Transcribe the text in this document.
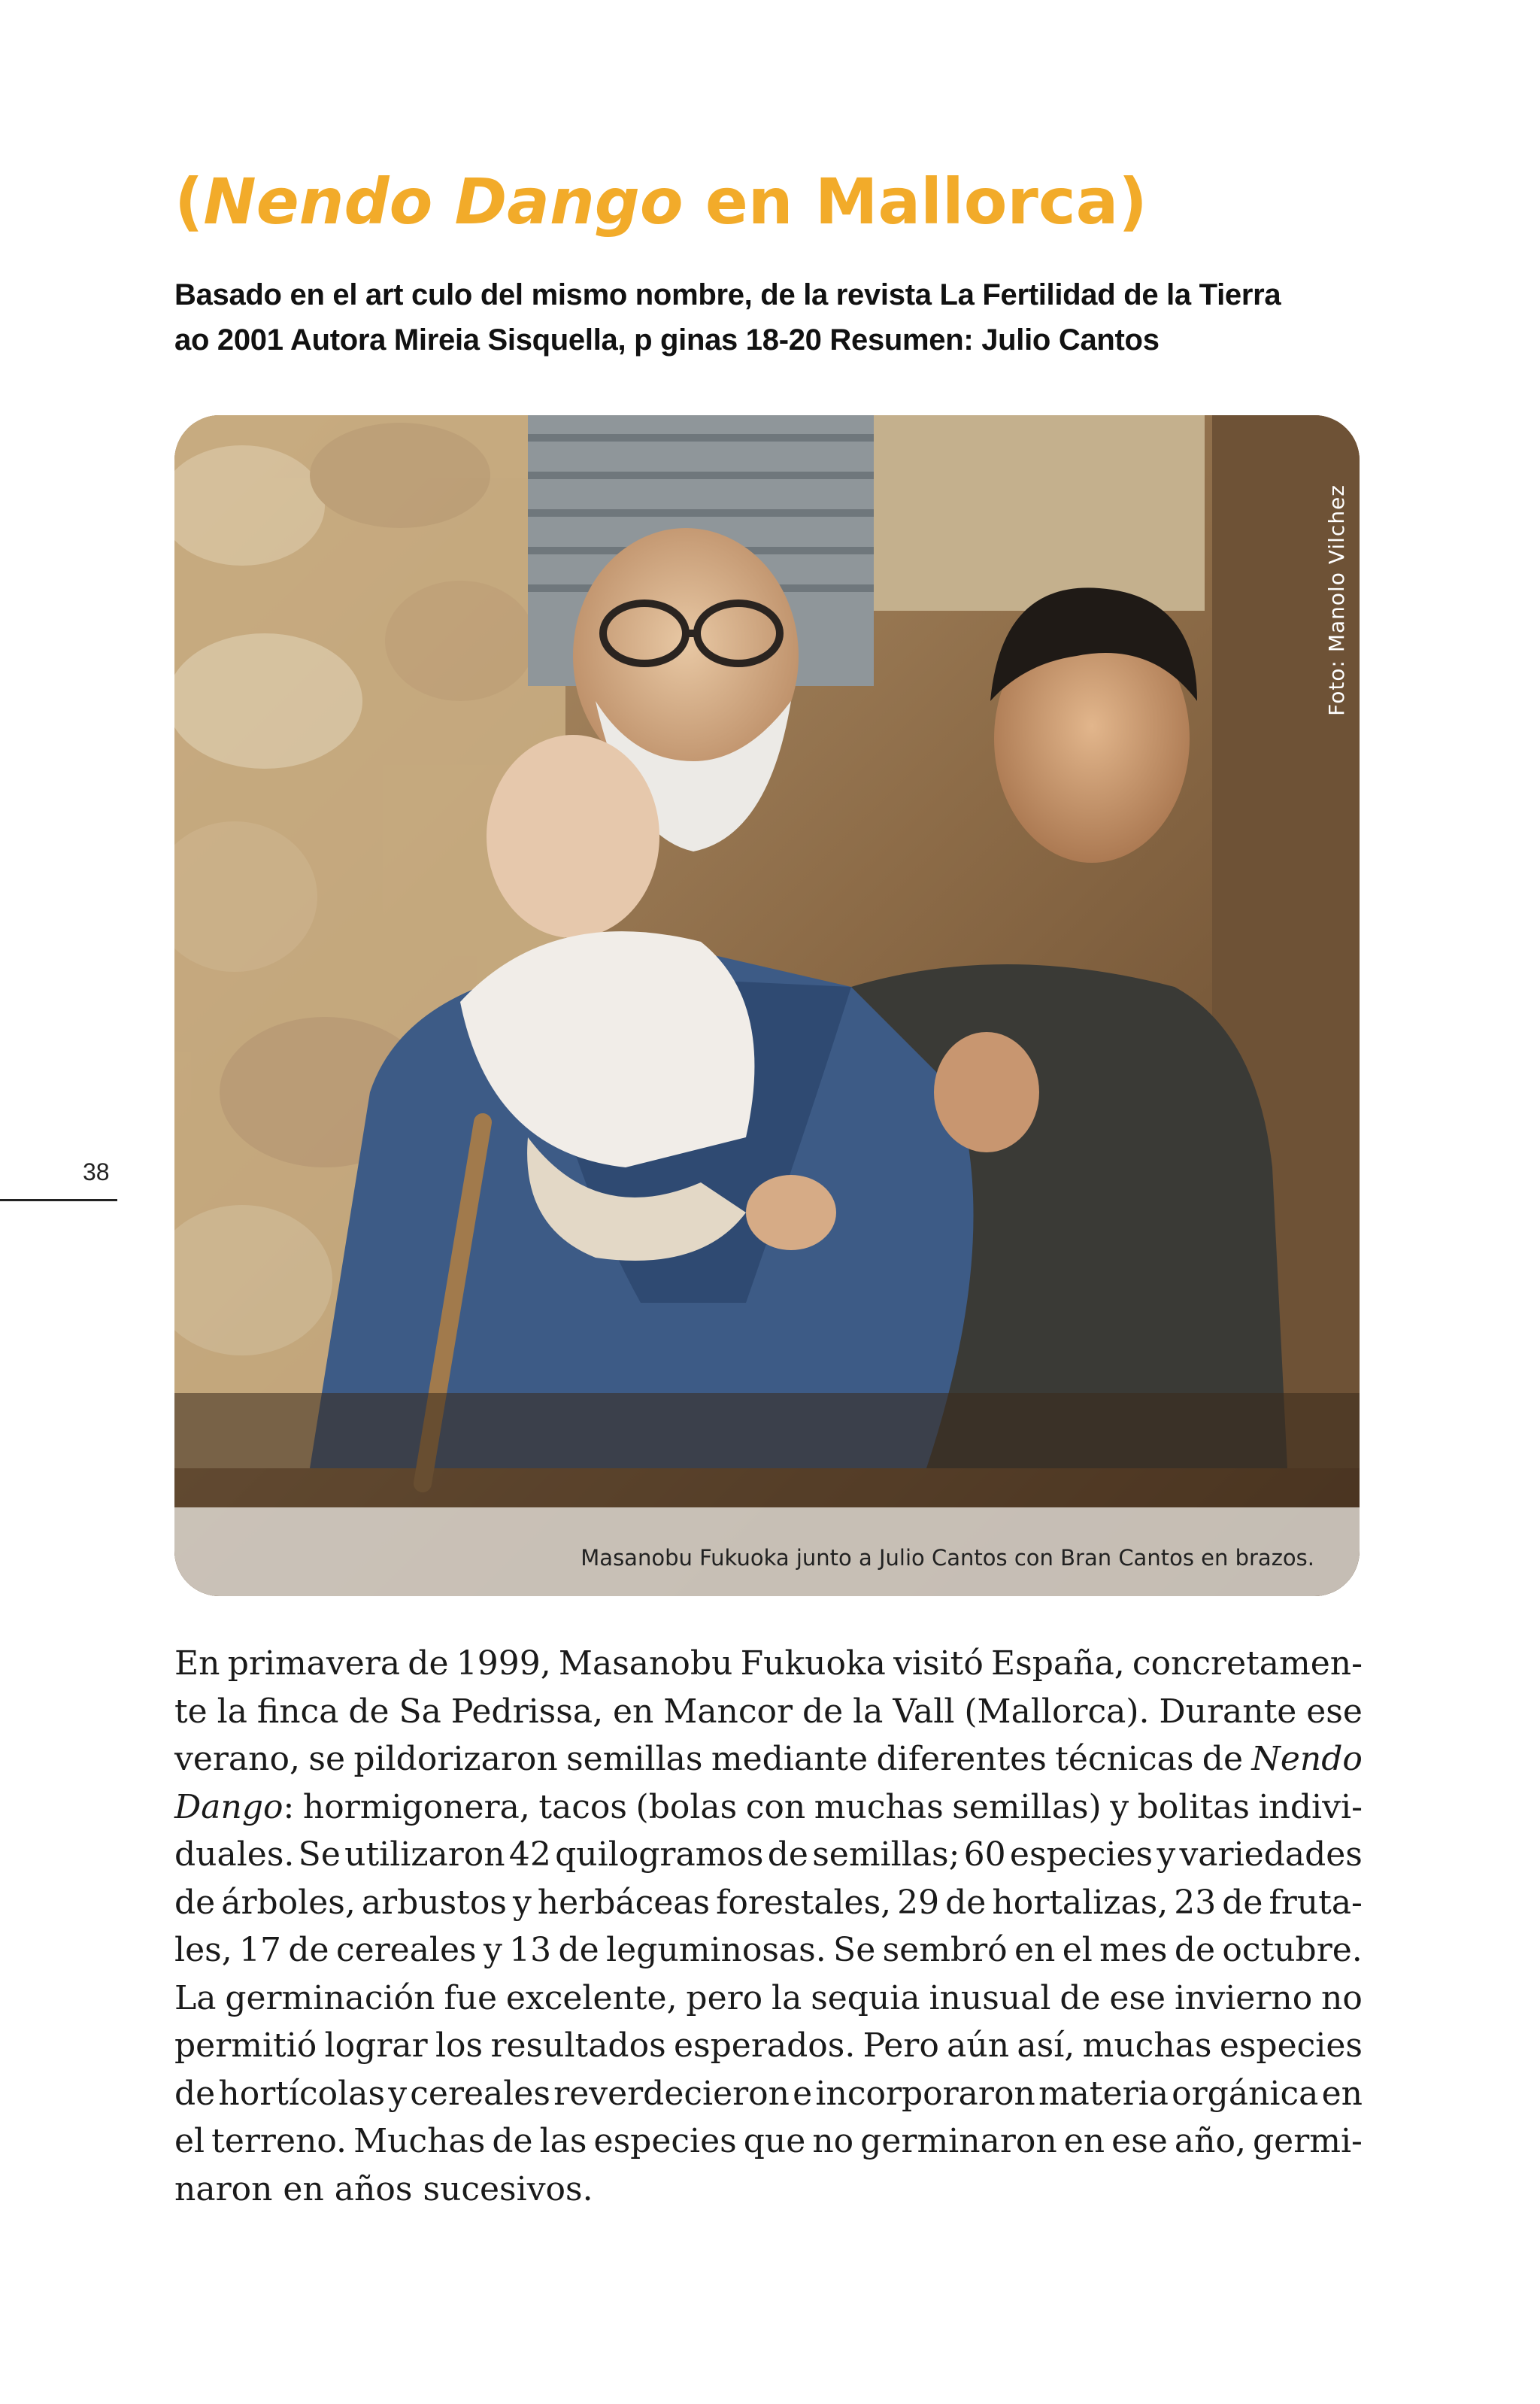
(Nendo Dango en Mallorca)
Basado en el art culo del mismo nombre, de la revista La Fertilidad de la Tierra
ao 2001 Autora Mireia Sisquella, p ginas 18-20 Resumen: Julio Cantos
Foto: Manolo Vilchez
Masanobu Fukuoka junto a Julio Cantos con Bran Cantos en brazos.
38
En primavera de 1999, Masanobu Fukuoka visitó España, concretamen-
te la finca de Sa Pedrissa, en Mancor de la Vall (Mallorca). Durante ese
verano, se pildorizaron semillas mediante diferentes técnicas de Nendo
Dango: hormigonera, tacos (bolas con muchas semillas) y bolitas indivi-
duales. Se utilizaron 42 quilogramos de semillas; 60 especies y variedades
de árboles, arbustos y herbáceas forestales, 29 de hortalizas, 23 de fruta-
les, 17 de cereales y 13 de leguminosas. Se sembró en el mes de octubre.
La germinación fue excelente, pero la sequia inusual de ese invierno no
permitió lograr los resultados esperados. Pero aún así, muchas especies
de hortícolas y cereales reverdecieron e incorporaron materia orgánica en
el terreno. Muchas de las especies que no germinaron en ese año, germi-
naron en años sucesivos.
